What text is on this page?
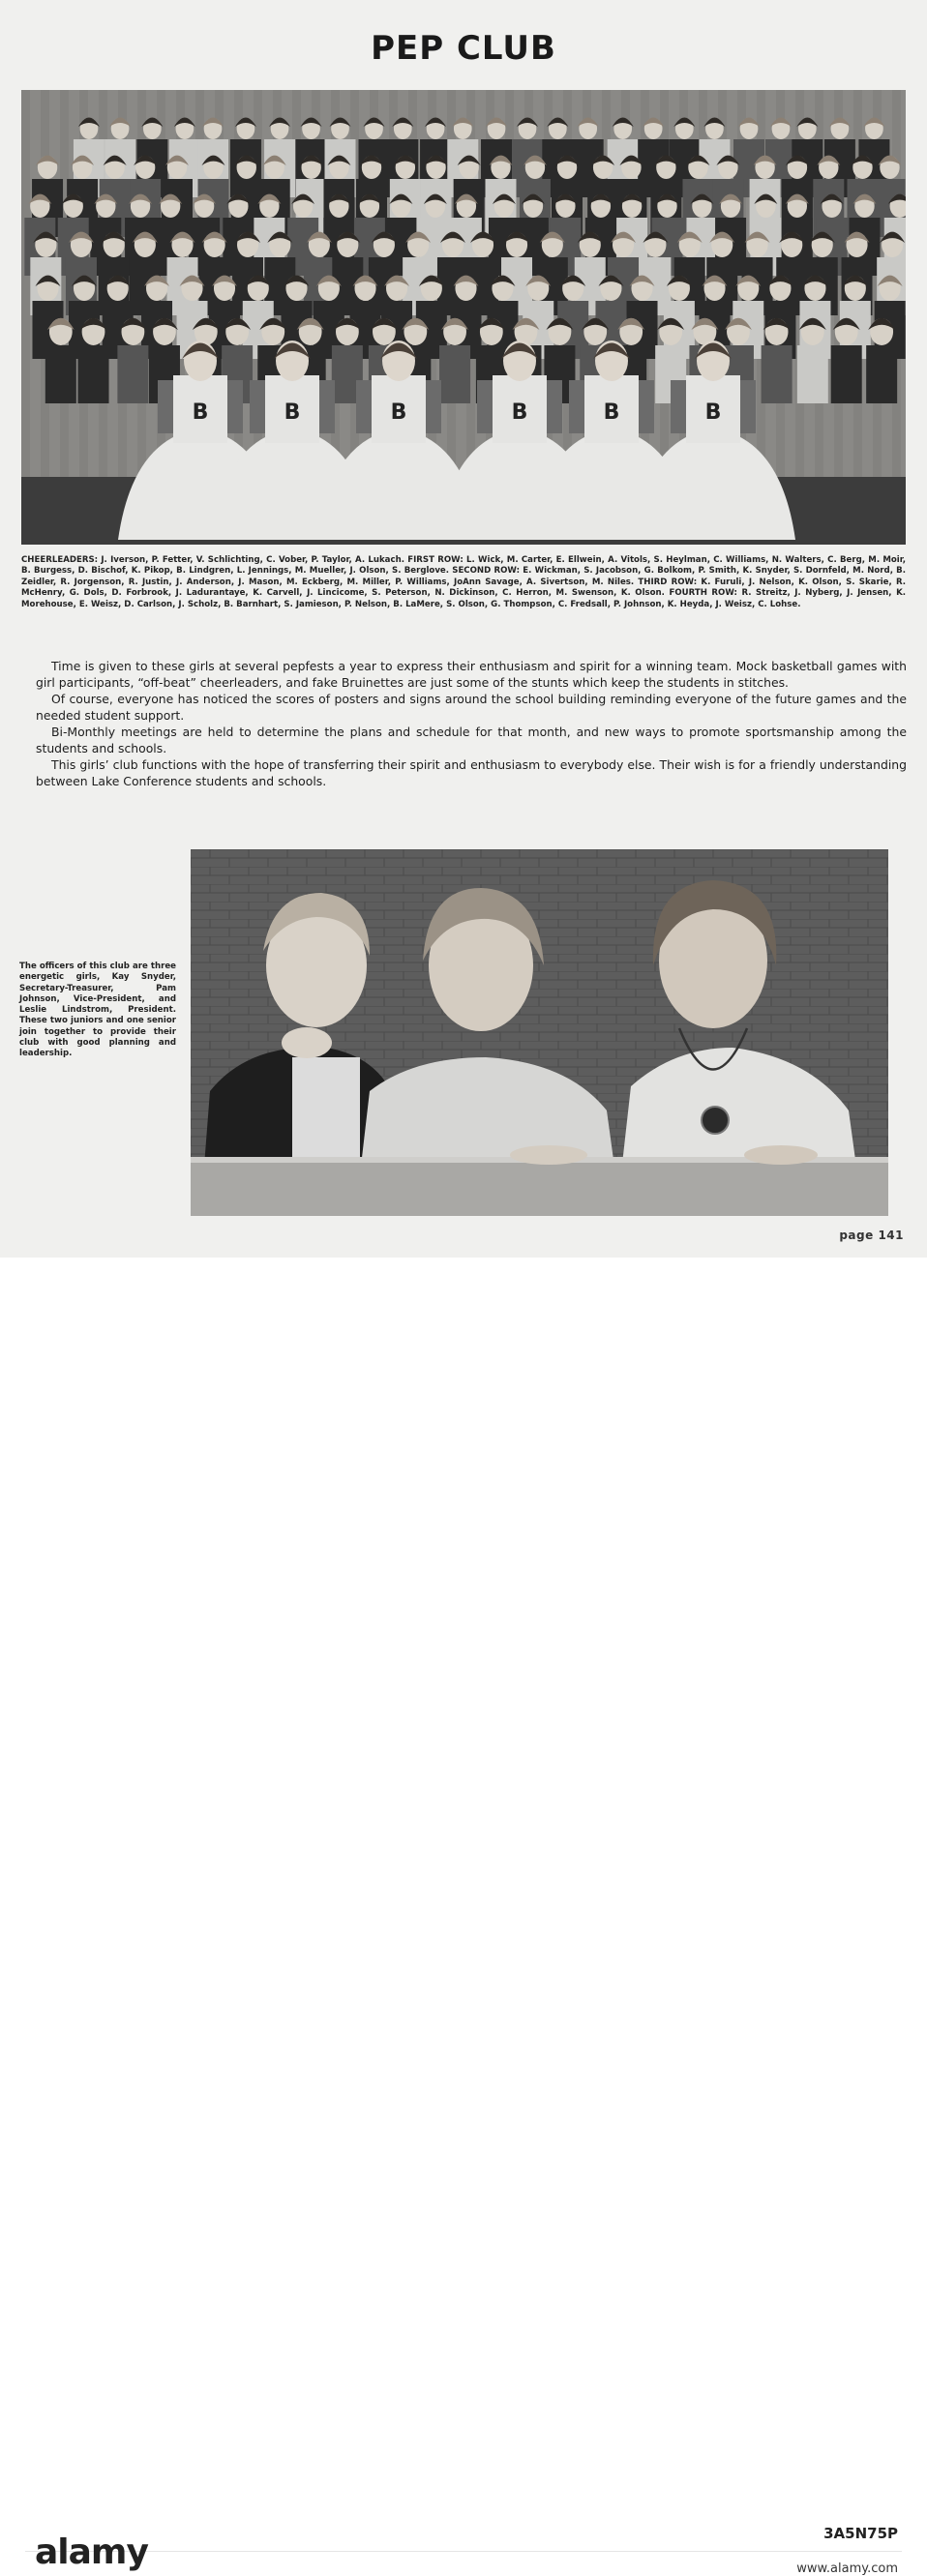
PEP CLUB
B	B	B	B	B	B
CHEERLEADERS: J. Iverson, P. Fetter, V. Schlichting, C. Vober, P. Taylor, A. Lukach. FIRST ROW: L. Wick, M. Carter, E. Ellwein, A. Vitols, S. Heylman, C. Williams, N. Walters, C. Berg, M. Moir, B. Burgess, D. Bischof, K. Pikop, B. Lindgren, L. Jennings, M. Mueller, J. Olson, S. Berglove. SECOND ROW: E. Wickman, S. Jacobson, G. Bolkom, P. Smith, K. Snyder, S. Dornfeld, M. Nord, B. Zeidler, R. Jorgenson, R. Justin, J. Anderson, J. Mason, M. Eckberg, M. Miller, P. Williams, JoAnn Savage, A. Sivertson, M. Niles. THIRD ROW: K. Furuli, J. Nelson, K. Olson, S. Skarie, R. McHenry, G. Dols, D. Forbrook, J. Ladurantaye, K. Carvell, J. Lincicome, S. Peterson, N. Dickinson, C. Herron, M. Swenson, K. Olson. FOURTH ROW: R. Streitz, J. Nyberg, J. Jensen, K. Morehouse, E. Weisz, D. Carlson, J. Scholz, B. Barnhart, S. Jamieson, P. Nelson, B. LaMere, S. Olson, G. Thompson, C. Fredsall, P. Johnson, K. Heyda, J. Weisz, C. Lohse.

Time is given to these girls at several pepfests a year to express their enthusiasm and spirit for a winning team. Mock basketball games with girl participants, “off-beat” cheerleaders, and fake Bruinettes are just some of the stunts which keep the students in stitches.

Of course, everyone has noticed the scores of posters and signs around the school building reminding everyone of the future games and the needed student support.

Bi-Monthly meetings are held to determine the plans and schedule for that month, and new ways to promote sportsmanship among the students and schools.

This girls’ club functions with the hope of transferring their spirit and enthusiasm to everybody else. Their wish is for a friendly understanding between Lake Conference students and schools.

The officers of this club are three energetic girls, Kay Snyder, Secretary-Treasurer, Pam Johnson, Vice-President, and Leslie Lindstrom, President. These two juniors and one senior join together to provide their club with good planning and leadership.
page 141
alamy	3A5N75P
www.alamy.com
